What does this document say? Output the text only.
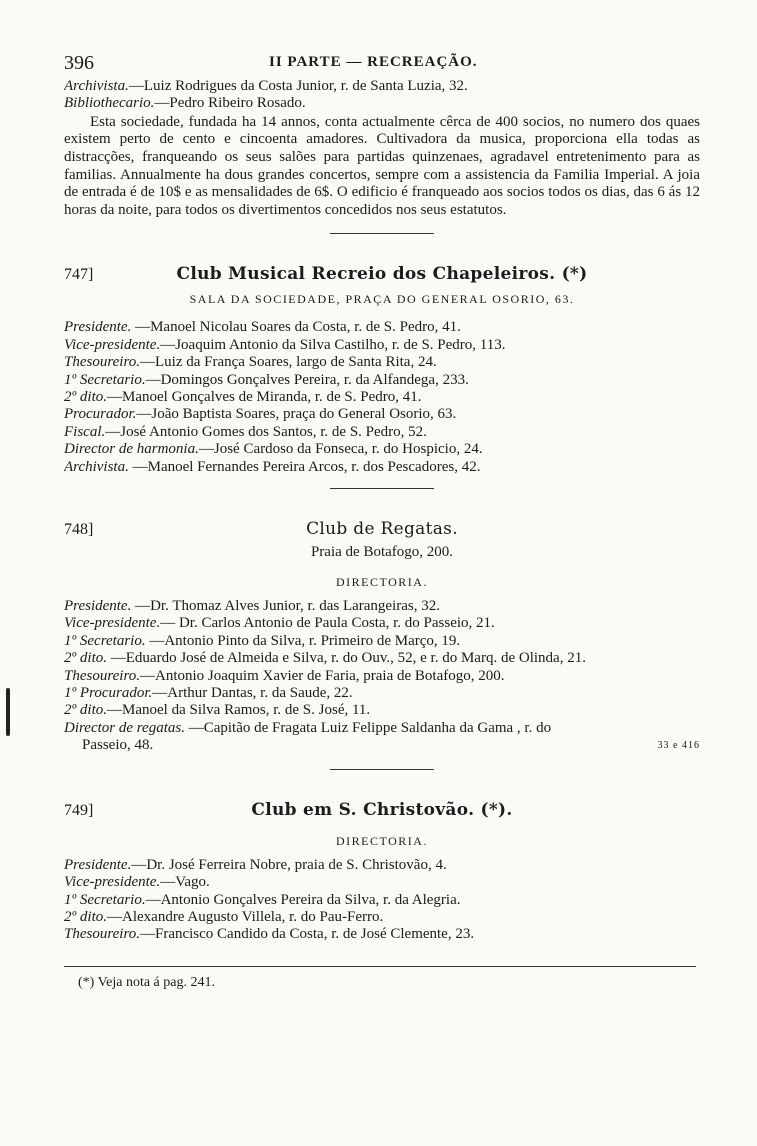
396	II PARTE — RECREAÇÃO.
Archivista.—Luiz Rodrigues da Costa Junior, r. de Santa Luzia, 32.
Bibliothecario.—Pedro Ribeiro Rosado.
Esta sociedade, fundada ha 14 annos, conta actualmente cêrca de 400 socios, no numero dos quaes existem perto de cento e cincoenta amadores. Cultivadora da musica, proporciona ella todas as distracções, franqueando os seus salões para partidas quinzenaes, agradavel entretenimento para as familias. Annualmente ha dous grandes concertos, sempre com a assistencia da Familia Imperial. A joia de entrada é de 10$ e as mensalidades de 6$. O edificio é franqueado aos socios todos os dias, das 6 ás 12 horas da noite, para todos os divertimentos concedidos nos seus estatutos.
747]	Club Musical Recreio dos Chapeleiros. (*)
SALA DA SOCIEDADE, PRAÇA DO GENERAL OSORIO, 63.
Presidente. —Manoel Nicolau Soares da Costa, r. de S. Pedro, 41.
Vice-presidente.—Joaquim Antonio da Silva Castilho, r. de S. Pedro, 113.
Thesoureiro.—Luiz da França Soares, largo de Santa Rita, 24.
1º Secretario.—Domingos Gonçalves Pereira, r. da Alfandega, 233.
2º dito.—Manoel Gonçalves de Miranda, r. de S. Pedro, 41.
Procurador.—João Baptista Soares, praça do General Osorio, 63.
Fiscal.—José Antonio Gomes dos Santos, r. de S. Pedro, 52.
Director de harmonia.—José Cardoso da Fonseca, r. do Hospicio, 24.
Archivista. —Manoel Fernandes Pereira Arcos, r. dos Pescadores, 42.
748]	Club de Regatas.
Praia de Botafogo, 200.
DIRECTORIA.
Presidente. —Dr. Thomaz Alves Junior, r. das Larangeiras, 32.
Vice-presidente.— Dr. Carlos Antonio de Paula Costa, r. do Passeio, 21.
1º Secretario. —Antonio Pinto da Silva, r. Primeiro de Março, 19.
2º dito. —Eduardo José de Almeida e Silva, r. do Ouv., 52, e r. do Marq. de Olinda, 21.
Thesoureiro.—Antonio Joaquim Xavier de Faria, praia de Botafogo, 200.
1º Procurador.—Arthur Dantas, r. da Saude, 22.
2º dito.—Manoel da Silva Ramos, r. de S. José, 11.
Director de regatas. —Capitão de Fragata Luiz Felippe Saldanha da Gama , r. do
Passeio, 48.	33 e 416
749]	Club em S. Christovão. (*).
DIRECTORIA.
Presidente.—Dr. José Ferreira Nobre, praia de S. Christovão, 4.
Vice-presidente.—Vago.
1º Secretario.—Antonio Gonçalves Pereira da Silva, r. da Alegria.
2º dito.—Alexandre Augusto Villela, r. do Pau-Ferro.
Thesoureiro.—Francisco Candido da Costa, r. de José Clemente, 23.
(*) Veja nota á pag. 241.
